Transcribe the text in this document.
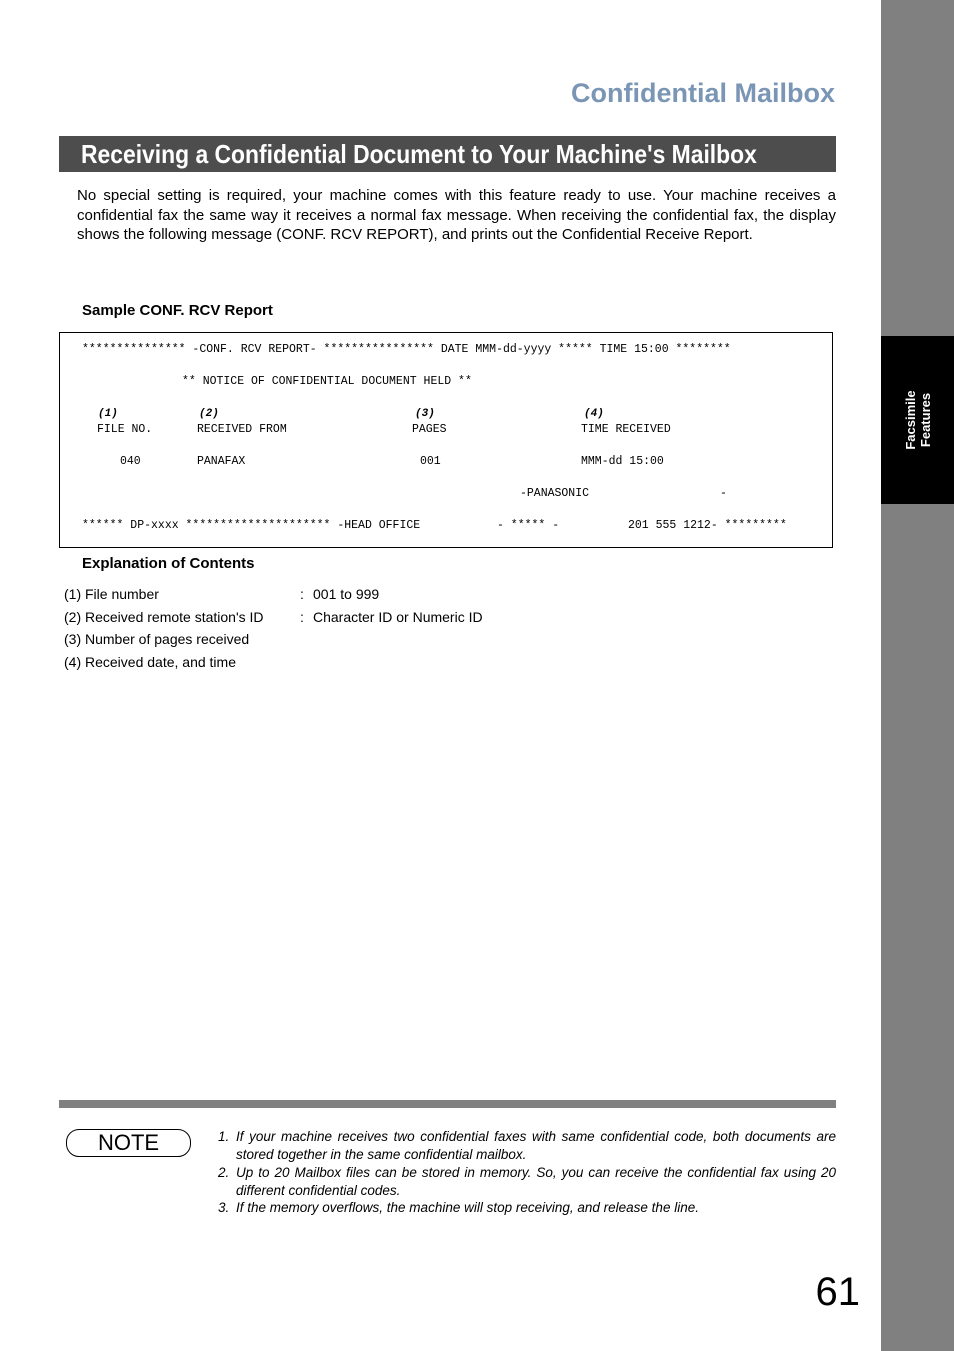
Facsimile
Features
Confidential Mailbox
Receiving a Confidential Document to Your Machine's Mailbox

No special setting is required, your machine comes with this feature ready to use. Your machine receives a confidential fax the same way it receives a normal fax message. When receiving the confidential fax, the display shows the following message (CONF. RCV REPORT), and prints out the Confidential Receive Report.

Sample CONF. RCV Report
*************** -CONF. RCV REPORT- **************** DATE MMM-dd-yyyy ***** TIME 15:00 ********
** NOTICE OF CONFIDENTIAL DOCUMENT HELD **
(1)	(2)	(3)	(4)
FILE NO.	RECEIVED FROM	PAGES	TIME RECEIVED
040	PANAFAX	001	MMM-dd 15:00
-PANASONIC	-
****** DP-xxxx ********************* -HEAD OFFICE	- ***** -	201 555 1212- *********
Explanation of Contents
(1) File number	: 001 to 999
(2) Received remote station's ID	: Character ID or Numeric ID
(3) Number of pages received
(4) Received date, and time
NOTE	1. If your machine receives two confidential faxes with same confidential code, both documents are stored together in the same confidential mailbox.
2. Up to 20 Mailbox files can be stored in memory. So, you can receive the confidential fax using 20 different confidential codes.
3. If the memory overflows, the machine will stop receiving, and release the line.
61
